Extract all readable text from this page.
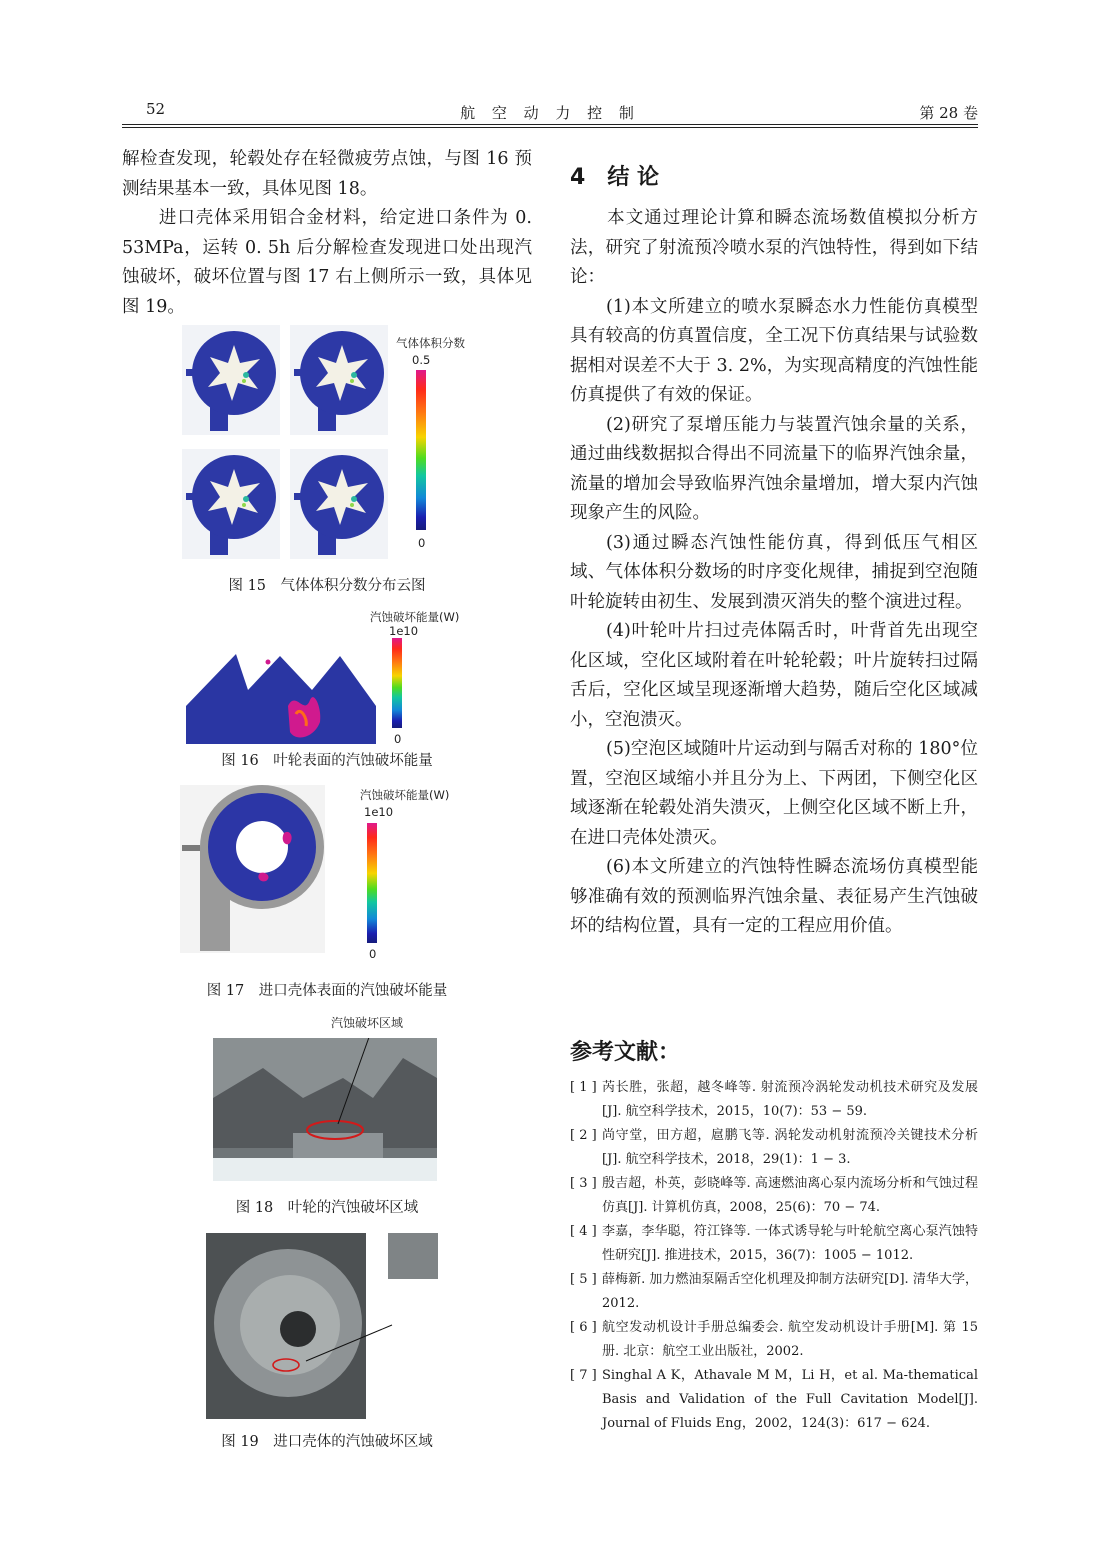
52	航 空 动 力 控 制	第 28 卷

解检查发现，轮毂处存在轻微疲劳点蚀，与图 16 预测结果基本一致，具体见图 18。

进口壳体采用铝合金材料，给定进口条件为 0. 53MPa，运转 0. 5h 后分解检查发现进口处出现汽蚀破坏，破坏位置与图 17 右上侧所示一致，具体见图 19。

气体体积分数
0.5
0
图 15　气体体积分数分布云图
汽蚀破坏能量(W)
1e10
0
图 16　叶轮表面的汽蚀破坏能量
汽蚀破坏能量(W)
1e10
0
图 17　进口壳体表面的汽蚀破坏能量
汽蚀破坏区域
图 18　叶轮的汽蚀破坏区域
图 19　进口壳体的汽蚀破坏区域
4 结 论

本文通过理论计算和瞬态流场数值模拟分析方法，研究了射流预冷喷水泵的汽蚀特性，得到如下结论：

(1)本文所建立的喷水泵瞬态水力性能仿真模型具有较高的仿真置信度，全工况下仿真结果与试验数据相对误差不大于 3. 2%，为实现高精度的汽蚀性能仿真提供了有效的保证。

(2)研究了泵增压能力与装置汽蚀余量的关系，通过曲线数据拟合得出不同流量下的临界汽蚀余量，流量的增加会导致临界汽蚀余量增加，增大泵内汽蚀现象产生的风险。

(3)通过瞬态汽蚀性能仿真，得到低压气相区域、气体体积分数场的时序变化规律，捕捉到空泡随叶轮旋转由初生、发展到溃灭消失的整个演进过程。

(4)叶轮叶片扫过壳体隔舌时，叶背首先出现空化区域，空化区域附着在叶轮轮毂；叶片旋转扫过隔舌后，空化区域呈现逐渐增大趋势，随后空化区域减小，空泡溃灭。

(5)空泡区域随叶片运动到与隔舌对称的 180°位置，空泡区域缩小并且分为上、下两团，下侧空化区域逐渐在轮毂处消失溃灭，上侧空化区域不断上升，在进口壳体处溃灭。

(6)本文所建立的汽蚀特性瞬态流场仿真模型能够准确有效的预测临界汽蚀余量、表征易产生汽蚀破坏的结构位置，具有一定的工程应用价值。

参考文献：
[ 1 ] 芮长胜，张超，越冬峰等. 射流预冷涡轮发动机技术研究及发展[J]. 航空科学技术，2015，10(7)：53 − 59.
[ 2 ] 尚守堂，田方超，扈鹏飞等. 涡轮发动机射流预冷关键技术分析[J]. 航空科学技术，2018，29(1)：1 − 3.
[ 3 ] 殷吉超，朴英，彭晓峰等. 高速燃油离心泵内流场分析和气蚀过程仿真[J]. 计算机仿真，2008，25(6)：70 − 74.
[ 4 ] 李嘉，李华聪，符江锋等. 一体式诱导轮与叶轮航空离心泵汽蚀特性研究[J]. 推进技术，2015，36(7)：1005 − 1012.
[ 5 ] 薛梅新. 加力燃油泵隔舌空化机理及抑制方法研究[D]. 清华大学，2012.
[ 6 ] 航空发动机设计手册总编委会. 航空发动机设计手册[M]. 第 15 册. 北京：航空工业出版社，2002.
[ 7 ] Singhal A K，Athavale M M，Li H，et al. Ma-thematical Basis and Validation of the Full Cavitation Model[J]. Journal of Fluids Eng，2002，124(3)：617 − 624.
